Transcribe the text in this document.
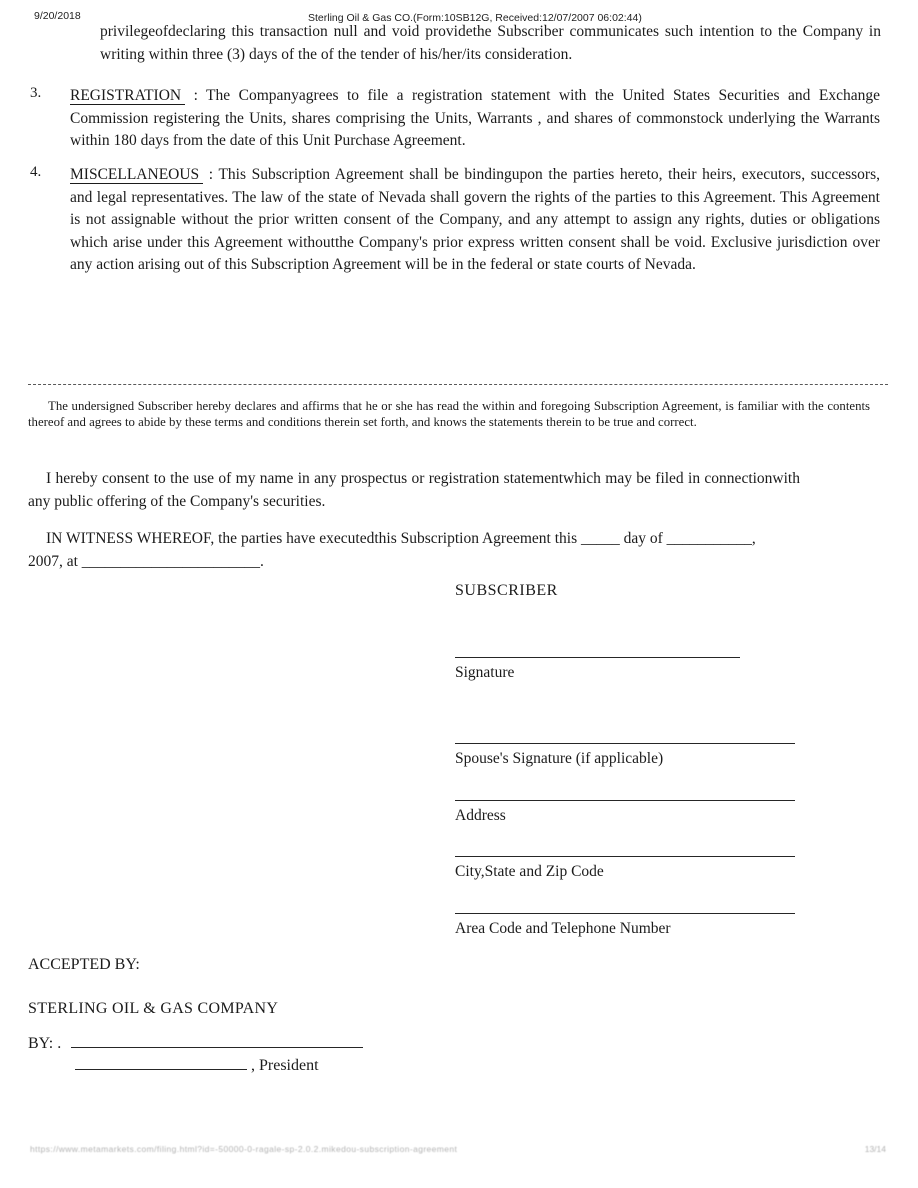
9/20/2018	Sterling Oil & Gas CO.(Form:10SB12G, Received:12/07/2007 06:02:44)
privilegeofdeclaring this transaction null and void providethe Subscriber communicates such intention to the Company in writing within three (3) days of the of the tender of his/her/its consideration.
3. REGISTRATION : The Companyagrees to file a registration statement with the United States Securities and Exchange Commission registering the Units, shares comprising the Units, Warrants , and shares of commonstock underlying the Warrants within 180 days from the date of this Unit Purchase Agreement.

4. MISCELLANEOUS : This Subscription Agreement shall be bindingupon the parties hereto, their heirs, executors, successors, and legal representatives. The law of the state of Nevada shall govern the rights of the parties to this Agreement. This Agreement is not assignable without the prior written consent of the Company, and any attempt to assign any rights, duties or obligations which arise under this Agreement withoutthe Company's prior express written consent shall be void. Exclusive jurisdiction over any action arising out of this Subscription Agreement will be in the federal or state courts of Nevada.

The undersigned Subscriber hereby declares and affirms that he or she has read the within and foregoing Subscription Agreement, is familiar with the contents thereof and agrees to abide by these terms and conditions therein set forth, and knows the statements therein to be true and correct.
I hereby consent to the use of my name in any prospectus or registration statementwhich may be filed in connectionwith any public offering of the Company's securities.
IN WITNESS WHEREOF, the parties have executedthis Subscription Agreement this _____ day of ___________,
2007, at _______________________.
SUBSCRIBER
Signature
Spouse's Signature (if applicable)
Address
City,State and Zip Code
Area Code and Telephone Number
ACCEPTED BY:
STERLING OIL & GAS COMPANY
BY: .
, President
https://www.metamarkets.com/filing.html?id=-50000-0-ragale-sp-2.0.2.mikedou-subscription-agreement	13/14
